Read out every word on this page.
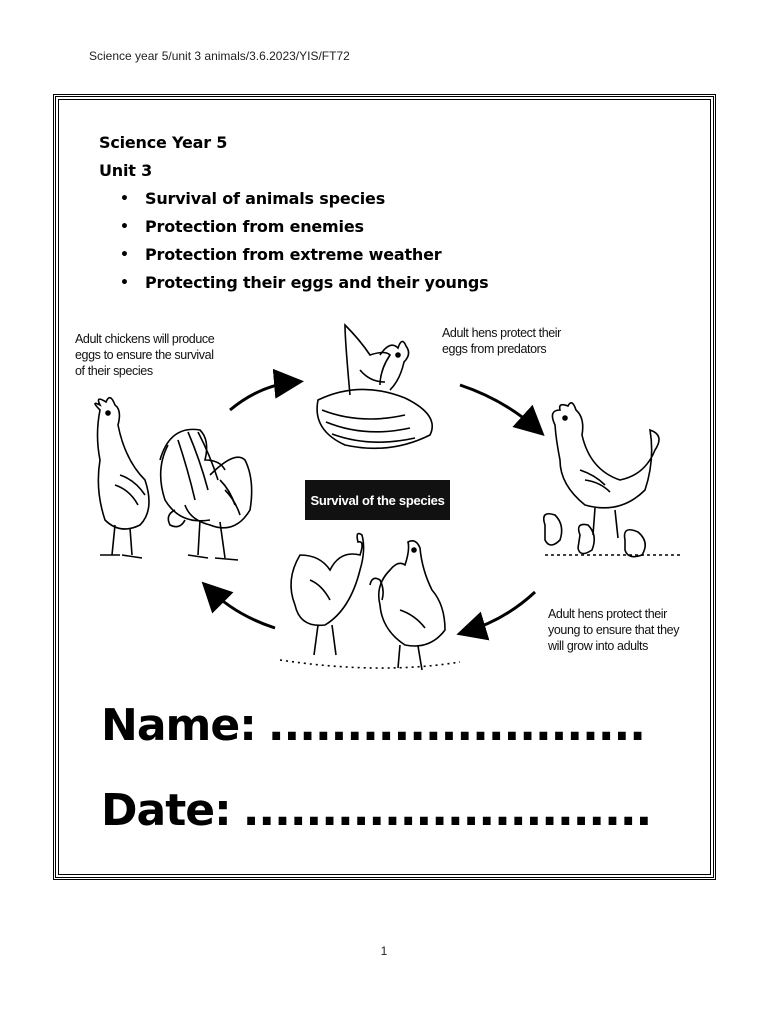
Science year 5/unit 3 animals/3.6.2023/YIS/FT72
Science Year 5
Unit 3
•	Survival of animals species
•	Protection from enemies
•	Protection from extreme weather
•	Protecting their eggs and their youngs
Adult chickens will produce
eggs to ensure the survival
of their species
Adult hens protect their
eggs from predators
Adult hens protect their
young to ensure that they
will grow into adults
Survival of the species
Name: ........................
Date: ..........................
1
